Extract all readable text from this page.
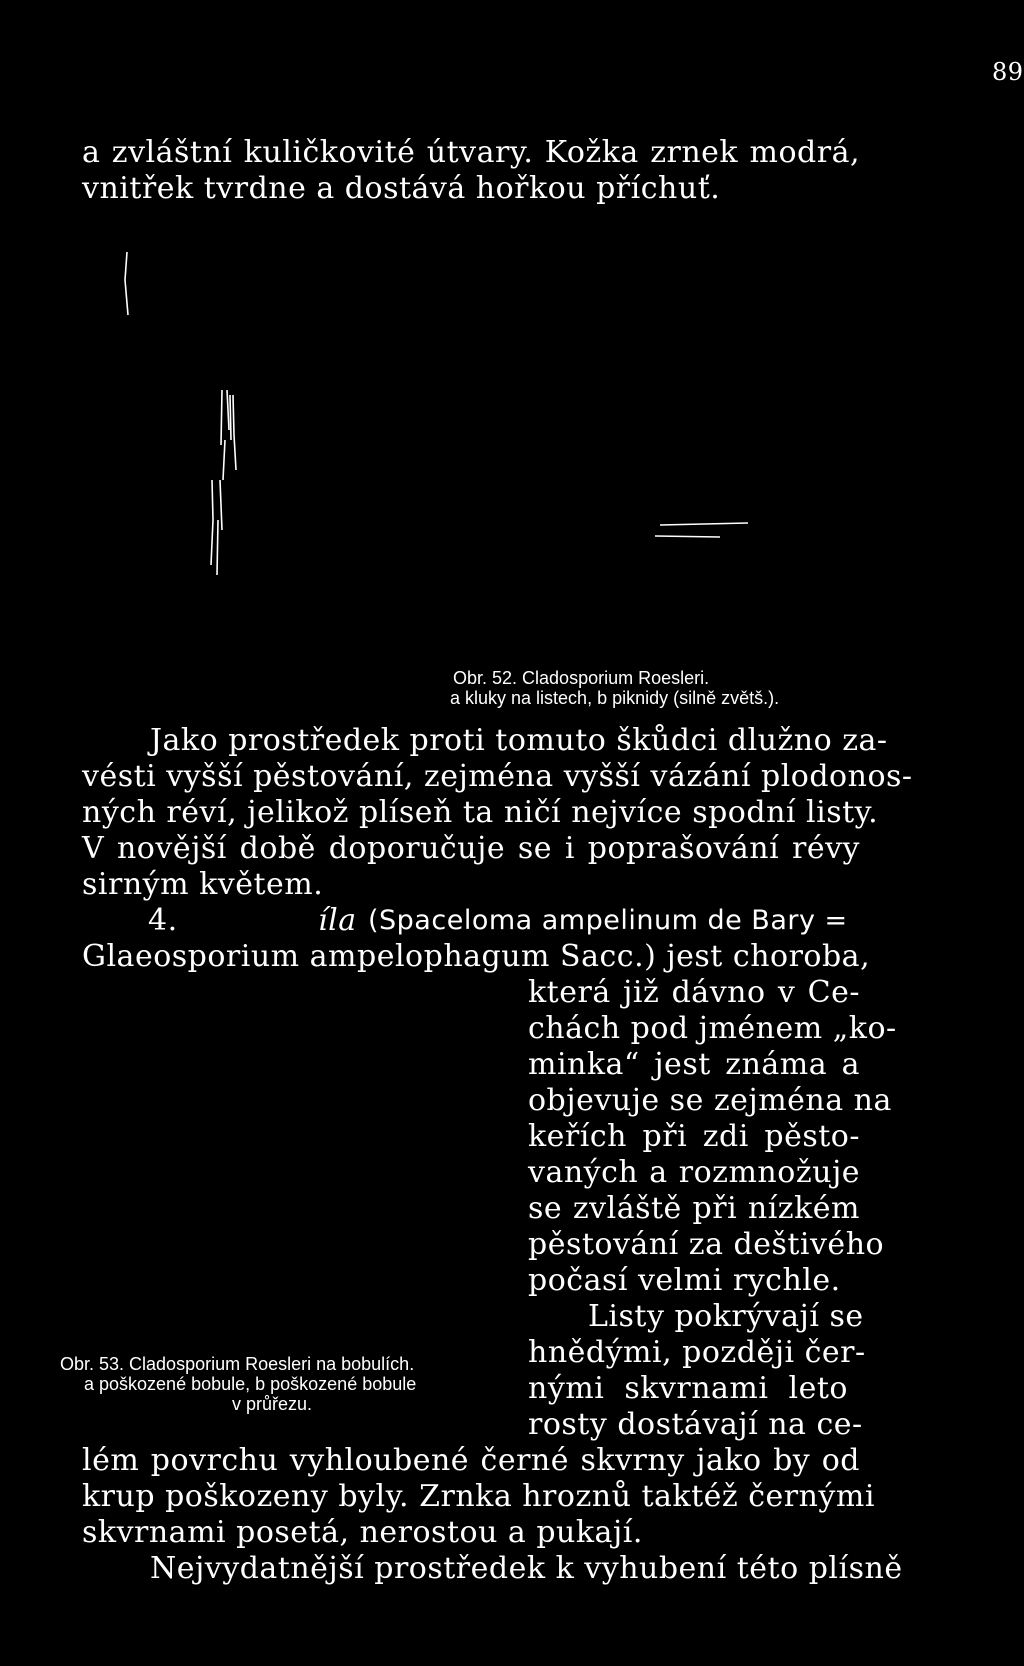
89
a zvláštní kuličkovité útvary. Kožka zrnek modrá,
vnitřek tvrdne a dostává hořkou příchuť.
Obr. 52. Cladosporium Roesleri.
a kluky na listech, b piknidy (silně zvětš.).
Jako prostředek proti tomuto škůdci dlužno za-
vésti vyšší pěstování, zejména vyšší vázání plodonos-
ných réví, jelikož plíseň ta ničí nejvíce spodní listy.
V novější době doporučuje se i poprašování révy
sirným květem.
4.	íla (Spaceloma ampelinum de Bary =
Glaeosporium ampelophagum Sacc.) jest choroba,
která již dávno v Ce-
chách pod jménem „ko-
minka“ jest známa a
objevuje se zejména na
keřích při zdi pěsto-
vaných a rozmnožuje
se zvláště při nízkém
pěstování za deštivého
počasí velmi rychle.
Listy pokrývají se
hnědými, později čer-
nými skvrnami leto
rosty dostávají na ce-
Obr. 53. Cladosporium Roesleri na bobulích.
a poškozené bobule, b poškozené bobule
v průřezu.
lém povrchu vyhloubené černé skvrny jako by od
krup poškozeny byly. Zrnka hroznů taktéž černými
skvrnami posetá, nerostou a pukají.
Nejvydatnější prostředek k vyhubení této plísně
